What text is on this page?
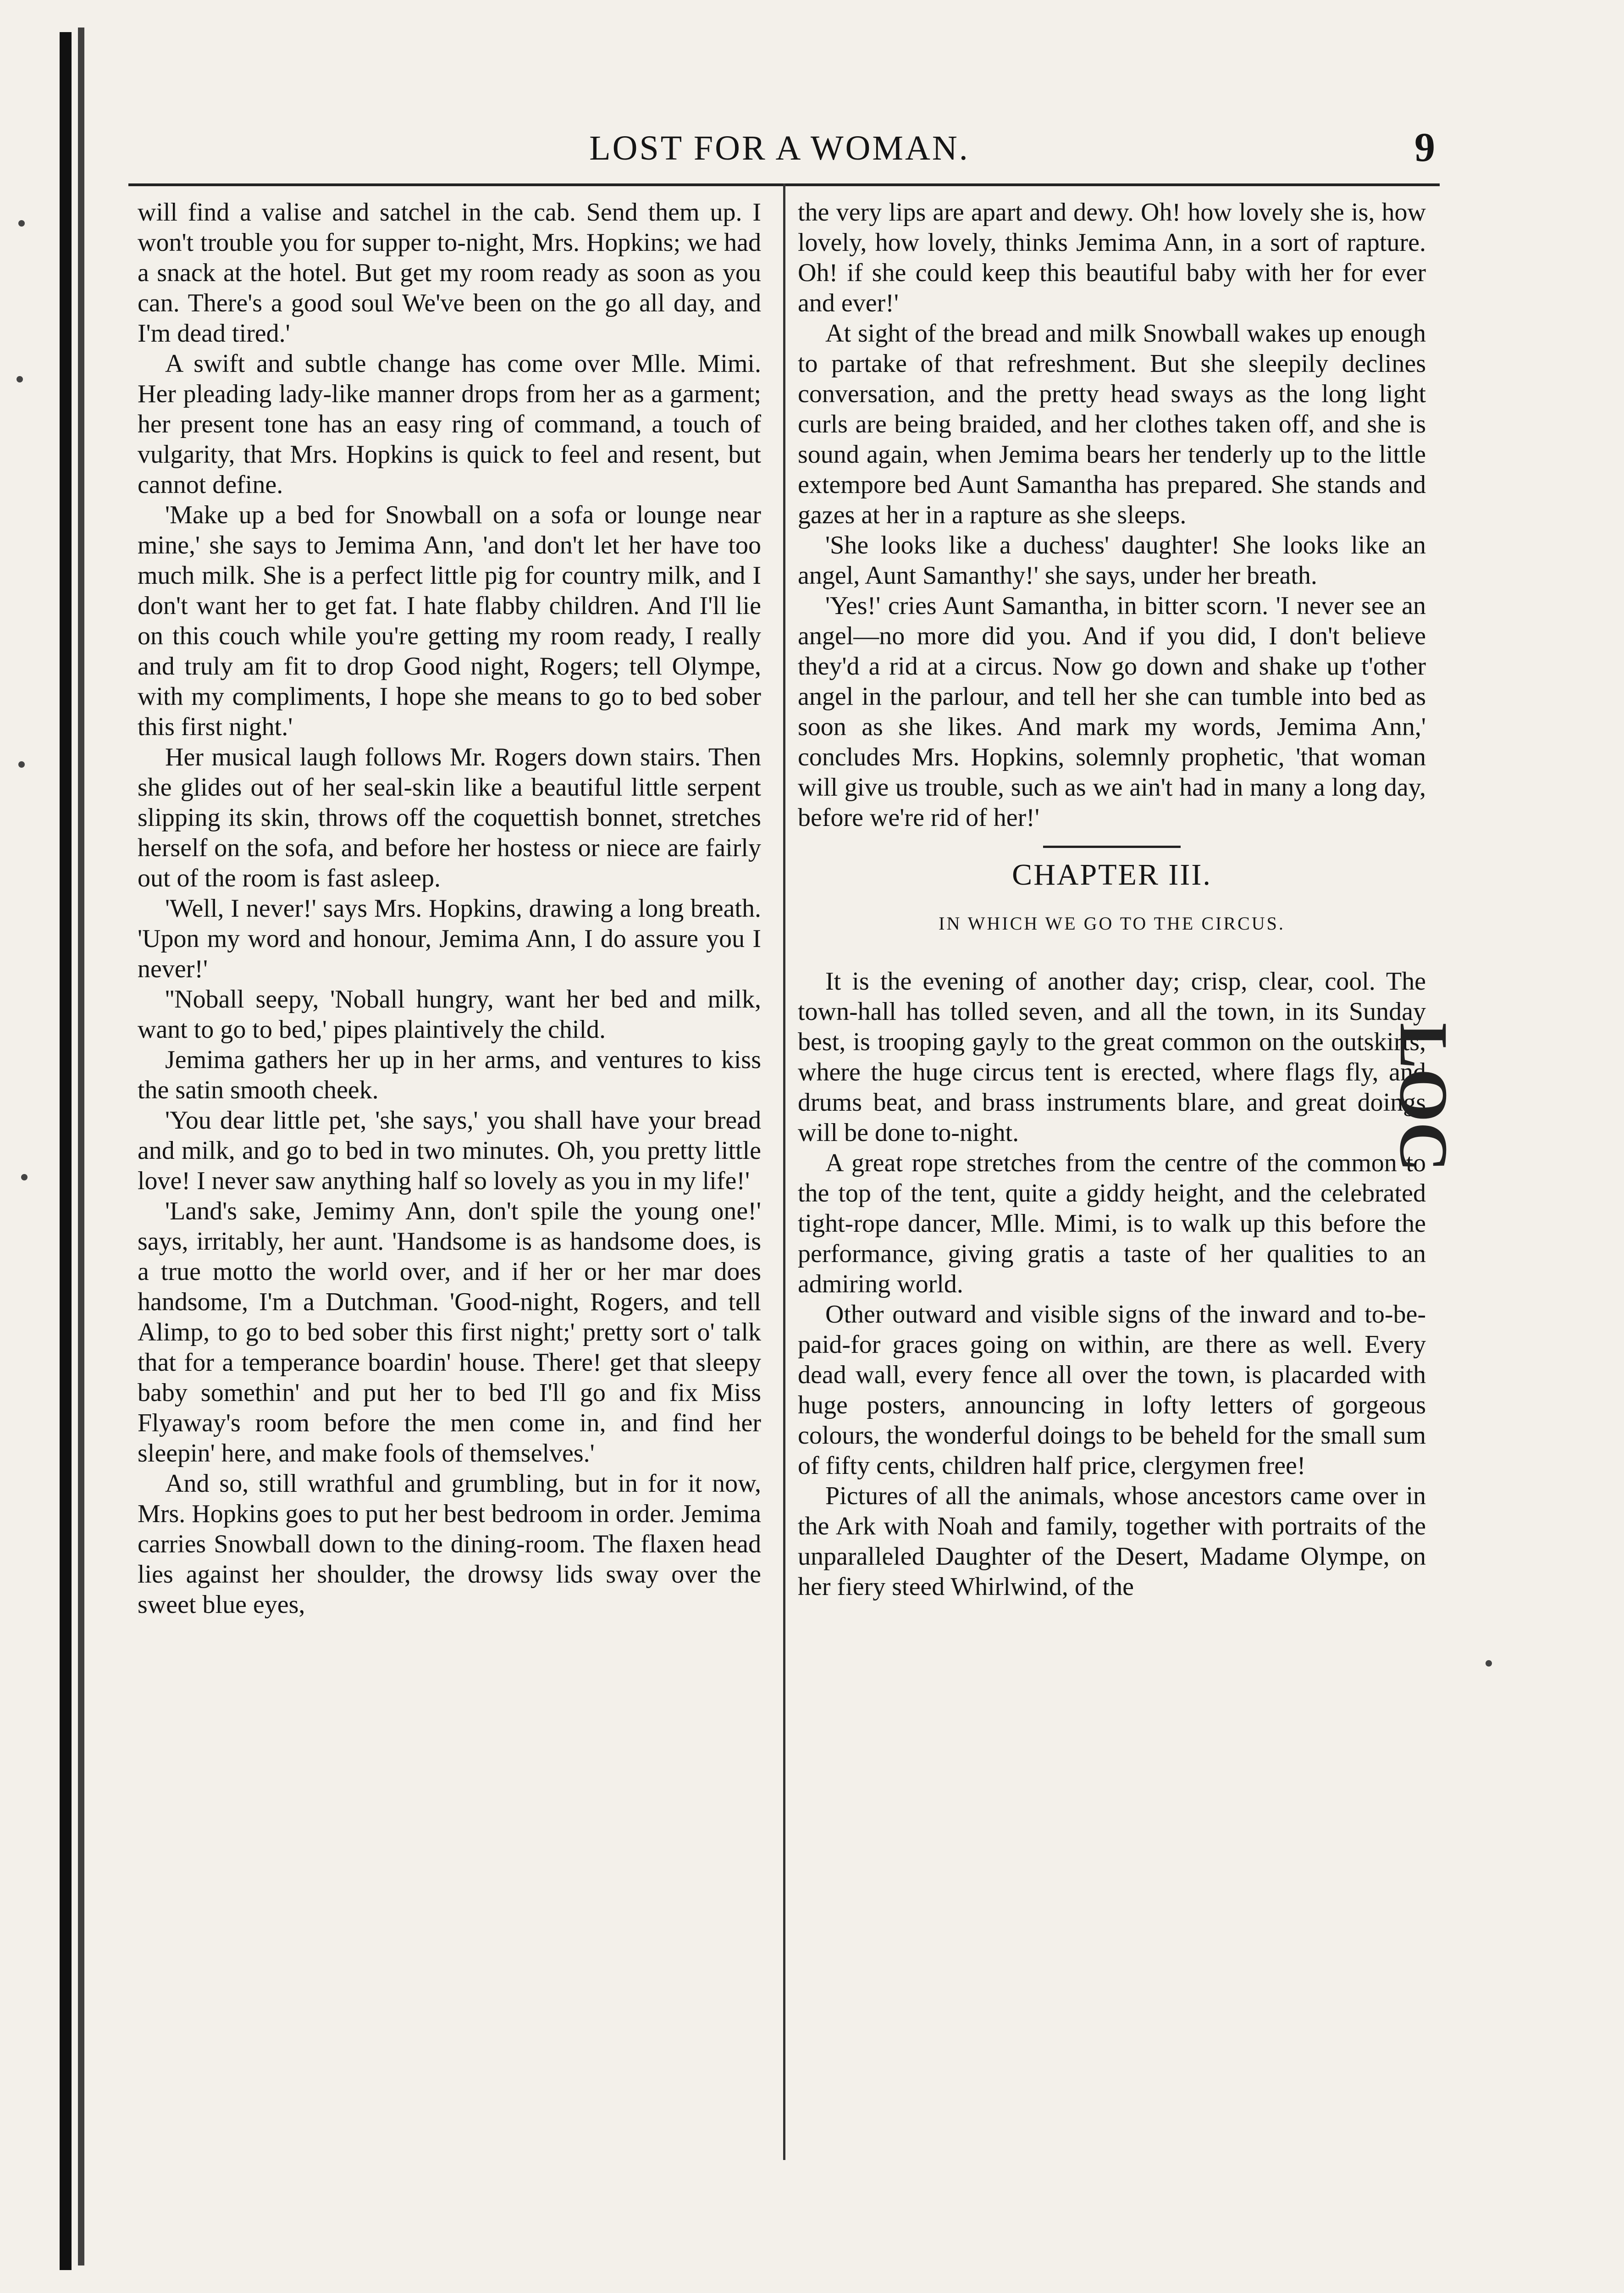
LOST FOR A WOMAN.	9

will find a valise and satchel in the cab. Send them up. I won't trouble you for supper to-night, Mrs. Hopkins; we had a snack at the hotel. But get my room ready as soon as you can. There's a good soul We've been on the go all day, and I'm dead tired.'

A swift and subtle change has come over Mlle. Mimi. Her pleading lady-like manner drops from her as a garment; her present tone has an easy ring of command, a touch of vulgarity, that Mrs. Hopkins is quick to feel and resent, but cannot define.

'Make up a bed for Snowball on a sofa or lounge near mine,' she says to Jemima Ann, 'and don't let her have too much milk. She is a perfect little pig for country milk, and I don't want her to get fat. I hate flabby children. And I'll lie on this couch while you're getting my room ready, I really and truly am fit to drop Good night, Rogers; tell Olympe, with my compliments, I hope she means to go to bed sober this first night.'

Her musical laugh follows Mr. Rogers down stairs. Then she glides out of her seal-skin like a beautiful little serpent slipping its skin, throws off the coquettish bonnet, stretches herself on the sofa, and before her hostess or niece are fairly out of the room is fast asleep.

'Well, I never!' says Mrs. Hopkins, drawing a long breath. 'Upon my word and honour, Jemima Ann, I do assure you I never!'

''Noball seepy, 'Noball hungry, want her bed and milk, want to go to bed,' pipes plaintively the child.

Jemima gathers her up in her arms, and ventures to kiss the satin smooth cheek.

'You dear little pet, 'she says,' you shall have your bread and milk, and go to bed in two minutes. Oh, you pretty little love! I never saw anything half so lovely as you in my life!'

'Land's sake, Jemimy Ann, don't spile the young one!' says, irritably, her aunt. 'Handsome is as handsome does, is a true motto the world over, and if her or her mar does handsome, I'm a Dutchman. 'Good-night, Rogers, and tell Alimp, to go to bed sober this first night;' pretty sort o' talk that for a temperance boardin' house. There! get that sleepy baby somethin' and put her to bed I'll go and fix Miss Flyaway's room before the men come in, and find her sleepin' here, and make fools of themselves.'

And so, still wrathful and grumbling, but in for it now, Mrs. Hopkins goes to put her best bedroom in order. Jemima carries Snowball down to the dining-room. The flaxen head lies against her shoulder, the drowsy lids sway over the sweet blue eyes,

the very lips are apart and dewy. Oh! how lovely she is, how lovely, how lovely, thinks Jemima Ann, in a sort of rapture. Oh! if she could keep this beautiful baby with her for ever and ever!'

At sight of the bread and milk Snowball wakes up enough to partake of that refreshment. But she sleepily declines conversation, and the pretty head sways as the long light curls are being braided, and her clothes taken off, and she is sound again, when Jemima bears her tenderly up to the little extempore bed Aunt Samantha has prepared. She stands and gazes at her in a rapture as she sleeps.

'She looks like a duchess' daughter! She looks like an angel, Aunt Samanthy!' she says, under her breath.

'Yes!' cries Aunt Samantha, in bitter scorn. 'I never see an angel—no more did you. And if you did, I don't believe they'd a rid at a circus. Now go down and shake up t'other angel in the parlour, and tell her she can tumble into bed as soon as she likes. And mark my words, Jemima Ann,' concludes Mrs. Hopkins, solemnly prophetic, 'that woman will give us trouble, such as we ain't had in many a long day, before we're rid of her!'

CHAPTER III.
IN WHICH WE GO TO THE CIRCUS.

It is the evening of another day; crisp, clear, cool. The town-hall has tolled seven, and all the town, in its Sunday best, is trooping gayly to the great common on the outskirts, where the huge circus tent is erected, where flags fly, and drums beat, and brass instruments blare, and great doings will be done to-night.

A great rope stretches from the centre of the common to the top of the tent, quite a giddy height, and the celebrated tight-rope dancer, Mlle. Mimi, is to walk up this before the performance, giving gratis a taste of her qualities to an admiring world.

Other outward and visible signs of the inward and to-be-paid-for graces going on within, are there as well. Every dead wall, every fence all over the town, is placarded with huge posters, announcing in lofty letters of gorgeous colours, the wonderful doings to be beheld for the small sum of fifty cents, children half price, clergymen free!

Pictures of all the animals, whose ancestors came over in the Ark with Noah and family, together with portraits of the unparalleled Daughter of the Desert, Madame Olympe, on her fiery steed Whirlwind, of the

LOC
